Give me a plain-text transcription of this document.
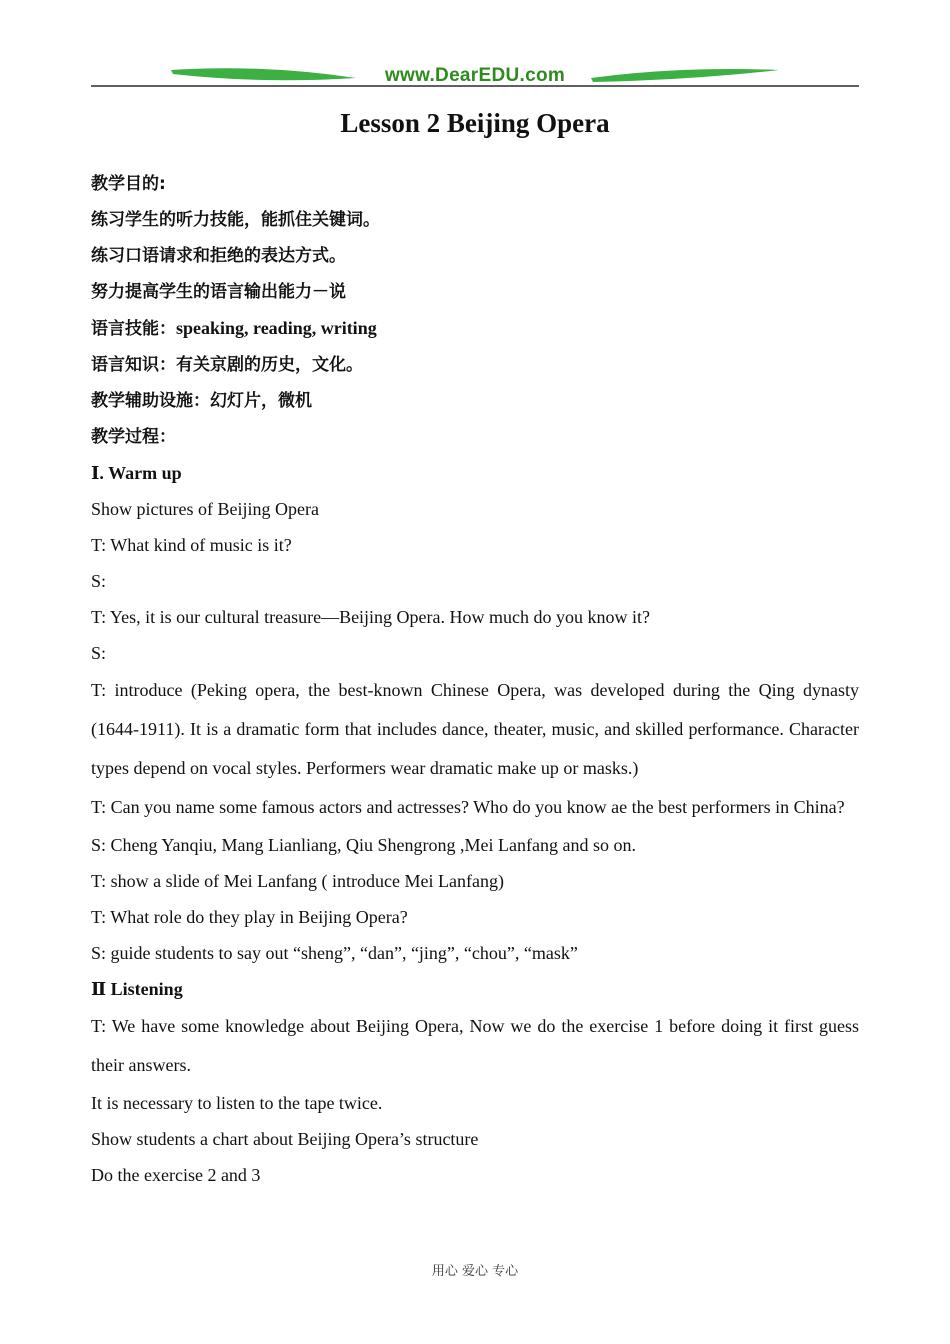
www.DearEDU.com
Lesson 2 Beijing Opera

教学目的:

练习学生的听力技能，能抓住关键词。

练习口语请求和拒绝的表达方式。

努力提高学生的语言输出能力－说

语言技能：speaking, reading, writing

语言知识：有关京剧的历史，文化。

教学辅助设施：幻灯片，微机

教学过程：

Ⅰ. Warm up

Show pictures of Beijing Opera

T: What kind of music is it?

S:

T: Yes, it is our cultural treasure—Beijing Opera. How much do you know it?

S:

T: introduce (Peking opera, the best-known Chinese Opera, was developed during the Qing dynasty (1644-1911). It is a dramatic form that includes dance, theater, music, and skilled performance. Character types depend on vocal styles. Performers wear dramatic make up or masks.)

T: Can you name some famous actors and actresses? Who do you know ae the best performers in China?

S: Cheng Yanqiu, Mang Lianliang, Qiu Shengrong ,Mei Lanfang and so on.

T: show a slide of Mei Lanfang ( introduce Mei Lanfang)

T: What role do they play in Beijing Opera?

S: guide students to say out “sheng”, “dan”, “jing”, “chou”, “mask”

Ⅱ Listening

T: We have some knowledge about Beijing Opera, Now we do the exercise 1 before doing it first guess their answers.

It is necessary to listen to the tape twice.

Show students a chart about Beijing Opera’s structure

Do the exercise 2 and 3

用心 爱心 专心
